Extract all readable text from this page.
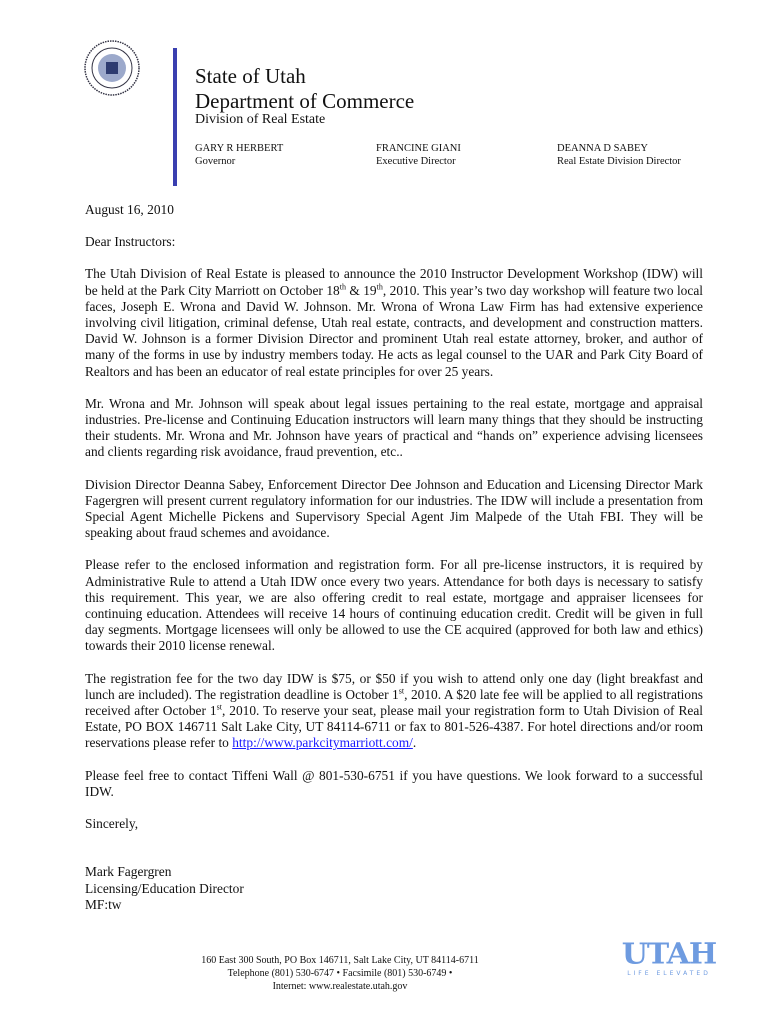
State of Utah
Department of Commerce
Division of Real Estate
GARY R HERBERT
Governor
FRANCINE GIANI
Executive Director
DEANNA D SABEY
Real Estate Division Director

August 16, 2010

Dear Instructors:

The Utah Division of Real Estate is pleased to announce the 2010 Instructor Development Workshop (IDW) will be held at the Park City Marriott on October 18th & 19th, 2010. This year’s two day workshop will feature two local faces, Joseph E. Wrona and David W. Johnson. Mr. Wrona of Wrona Law Firm has had extensive experience involving civil litigation, criminal defense, Utah real estate, contracts, and development and construction matters. David W. Johnson is a former Division Director and prominent Utah real estate attorney, broker, and author of many of the forms in use by industry members today. He acts as legal counsel to the UAR and Park City Board of Realtors and has been an educator of real estate principles for over 25 years.

Mr. Wrona and Mr. Johnson will speak about legal issues pertaining to the real estate, mortgage and appraisal industries. Pre-license and Continuing Education instructors will learn many things that they should be instructing their students. Mr. Wrona and Mr. Johnson have years of practical and “hands on” experience advising licensees and clients regarding risk avoidance, fraud prevention, etc..

Division Director Deanna Sabey, Enforcement Director Dee Johnson and Education and Licensing Director Mark Fagergren will present current regulatory information for our industries. The IDW will include a presentation from Special Agent Michelle Pickens and Supervisory Special Agent Jim Malpede of the Utah FBI. They will be speaking about fraud schemes and avoidance.

Please refer to the enclosed information and registration form. For all pre-license instructors, it is required by Administrative Rule to attend a Utah IDW once every two years. Attendance for both days is necessary to satisfy this requirement. This year, we are also offering credit to real estate, mortgage and appraiser licensees for continuing education. Attendees will receive 14 hours of continuing education credit. Credit will be given in full day segments. Mortgage licensees will only be allowed to use the CE acquired (approved for both law and ethics) towards their 2010 license renewal.

The registration fee for the two day IDW is $75, or $50 if you wish to attend only one day (light breakfast and lunch are included). The registration deadline is October 1st, 2010. A $20 late fee will be applied to all registrations received after October 1st, 2010. To reserve your seat, please mail your registration form to Utah Division of Real Estate, PO BOX 146711 Salt Lake City, UT 84114-6711 or fax to 801-526-4387. For hotel directions and/or room reservations please refer to http://www.parkcitymarriott.com/.

Please feel free to contact Tiffeni Wall @ 801-530-6751 if you have questions. We look forward to a successful IDW.

Sincerely,

Mark Fagergren
Licensing/Education Director
MF:tw
160 East 300 South, PO Box 146711, Salt Lake City, UT 84114-6711
Telephone (801) 530-6747 • Facsimile (801) 530-6749 •
Internet: www.realestate.utah.gov
UTAH
LIFE ELEVATED
